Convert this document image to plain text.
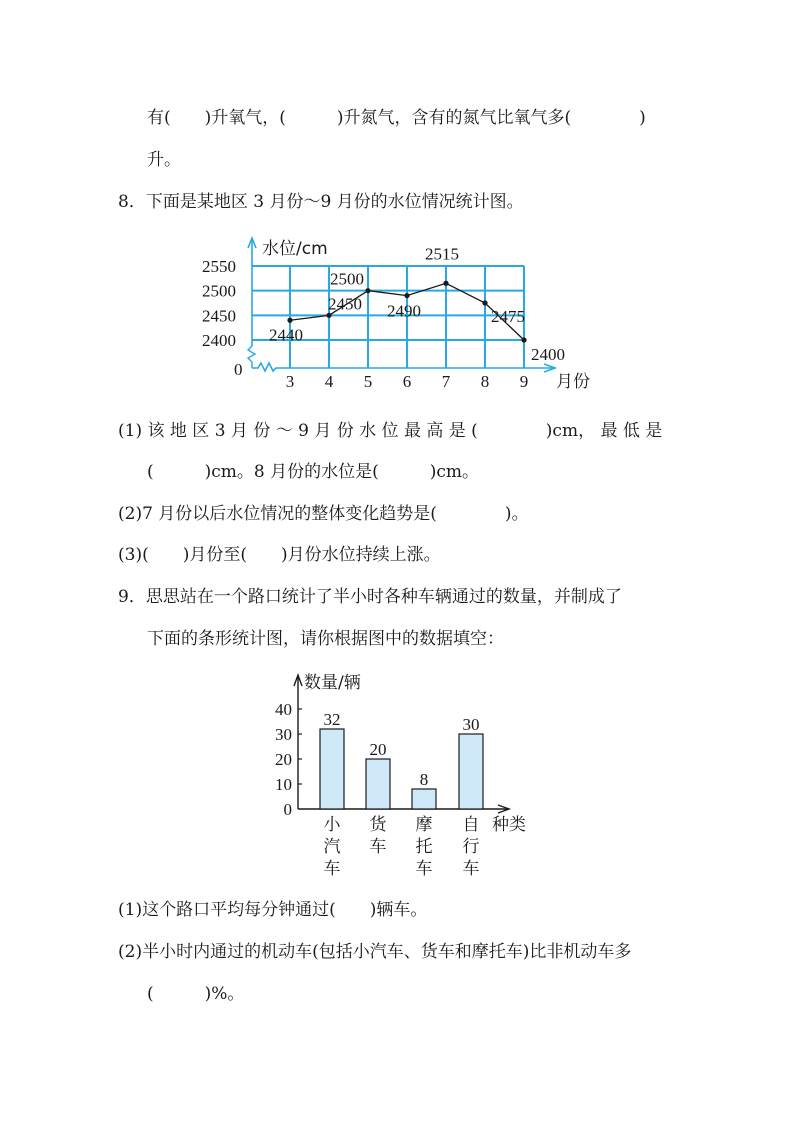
有(　　)升氧气，(　　　)升氮气，含有的氮气比氧气多(　　　　)
升。
8．下面是某地区 3 月份～9 月份的水位情况统计图。
水位/cm
月份
2400
2450
2500
2550
0
3 4 5 6 7 8 9
2440
2450
2500
2490
2515
2475
2400
(1) 该 地 区 3 月 份 ～ 9 月 份 水 位 最 高 是 (　　　　)cm， 最 低 是
(　　　)cm。8 月份的水位是(　　　)cm。
(2)7 月份以后水位情况的整体变化趋势是(　　　　)。
(3)(　　)月份至(　　)月份水位持续上涨。
9．思思站在一个路口统计了半小时各种车辆通过的数量，并制成了
下面的条形统计图，请你根据图中的数据填空：
数量/辆
种类
0
10
20
30
40
32
小
汽
车
20
货
车
8
摩
托
车
30
自
行
车
(1)这个路口平均每分钟通过(　　)辆车。
(2)半小时内通过的机动车(包括小汽车、货车和摩托车)比非机动车多
(　　　)%。
